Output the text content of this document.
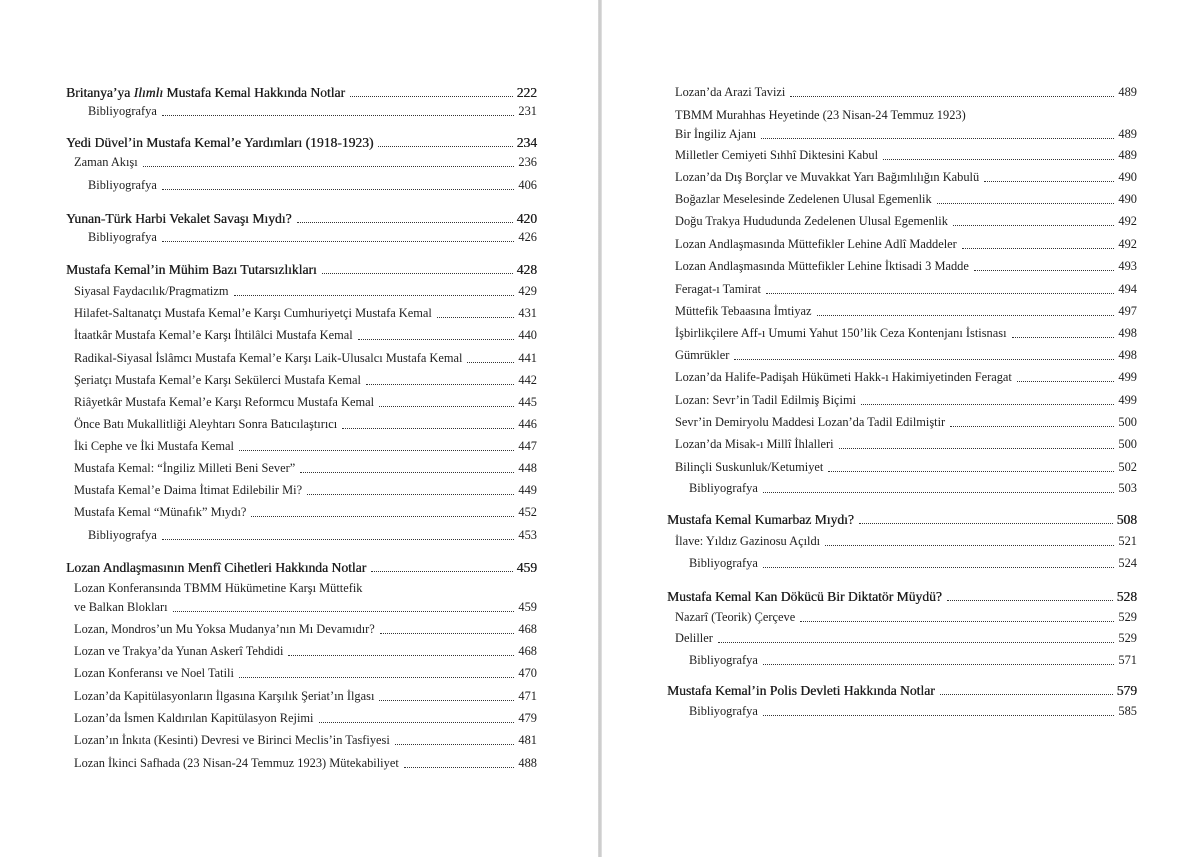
Britanya’ya Ilımlı Mustafa Kemal Hakkında Notlar	222
Bibliyografya	231
Yedi Düvel’in Mustafa Kemal’e Yardımları (1918-1923)	234
Zaman Akışı	236
Bibliyografya	406
Yunan-Türk Harbi Vekalet Savaşı Mıydı?	420
Bibliyografya	426
Mustafa Kemal’in Mühim Bazı Tutarsızlıkları	428
Siyasal Faydacılık/Pragmatizm	429
Hilafet-Saltanatçı Mustafa Kemal’e Karşı Cumhuriyetçi Mustafa Kemal	431
İtaatkâr Mustafa Kemal’e Karşı İhtilâlci Mustafa Kemal	440
Radikal-Siyasal İslâmcı Mustafa Kemal’e Karşı Laik-Ulusalcı Mustafa Kemal	441
Şeriatçı Mustafa Kemal’e Karşı Sekülerci Mustafa Kemal	442
Riâyetkâr Mustafa Kemal’e Karşı Reformcu Mustafa Kemal	445
Önce Batı Mukallitliği Aleyhtarı Sonra Batıcılaştırıcı	446
İki Cephe ve İki Mustafa Kemal	447
Mustafa Kemal: “İngiliz Milleti Beni Sever”	448
Mustafa Kemal’e Daima İtimat Edilebilir Mi?	449
Mustafa Kemal “Münafık” Mıydı?	452
Bibliyografya	453
Lozan Andlaşmasının Menfî Cihetleri Hakkında Notlar	459
Lozan Konferansında TBMM Hükümetine Karşı Müttefik
ve Balkan Blokları	459
Lozan, Mondros’un Mu Yoksa Mudanya’nın Mı Devamıdır?	468
Lozan ve Trakya’da Yunan Askerî Tehdidi	468
Lozan Konferansı ve Noel Tatili	470
Lozan’da Kapitülasyonların İlgasına Karşılık Şeriat’ın İlgası	471
Lozan’da İsmen Kaldırılan Kapitülasyon Rejimi	479
Lozan’ın İnkıta (Kesinti) Devresi ve Birinci Meclis’in Tasfiyesi	481
Lozan İkinci Safhada (23 Nisan-24 Temmuz 1923) Mütekabiliyet	488
Lozan’da Arazi Tavizi	489
TBMM Murahhas Heyetinde (23 Nisan-24 Temmuz 1923)
Bir İngiliz Ajanı	489
Milletler Cemiyeti Sıhhî Diktesini Kabul	489
Lozan’da Dış Borçlar ve Muvakkat Yarı Bağımlılığın Kabulü	490
Boğazlar Meselesinde Zedelenen Ulusal Egemenlik	490
Doğu Trakya Hududunda Zedelenen Ulusal Egemenlik	492
Lozan Andlaşmasında Müttefikler Lehine Adlî Maddeler	492
Lozan Andlaşmasında Müttefikler Lehine İktisadi 3 Madde	493
Feragat-ı Tamirat	494
Müttefik Tebaasına İmtiyaz	497
İşbirlikçilere Aff-ı Umumi Yahut 150’lik Ceza Kontenjanı İstisnası	498
Gümrükler	498
Lozan’da Halife-Padişah Hükümeti Hakk-ı Hakimiyetinden Feragat	499
Lozan: Sevr’in Tadil Edilmiş Biçimi	499
Sevr’in Demiryolu Maddesi Lozan’da Tadil Edilmiştir	500
Lozan’da Misak-ı Millî İhlalleri	500
Bilinçli Suskunluk/Ketumiyet	502
Bibliyografya	503
Mustafa Kemal Kumarbaz Mıydı?	508
İlave: Yıldız Gazinosu Açıldı	521
Bibliyografya	524
Mustafa Kemal Kan Dökücü Bir Diktatör Müydü?	528
Nazarî (Teorik) Çerçeve	529
Deliller	529
Bibliyografya	571
Mustafa Kemal’in Polis Devleti Hakkında Notlar	579
Bibliyografya	585
